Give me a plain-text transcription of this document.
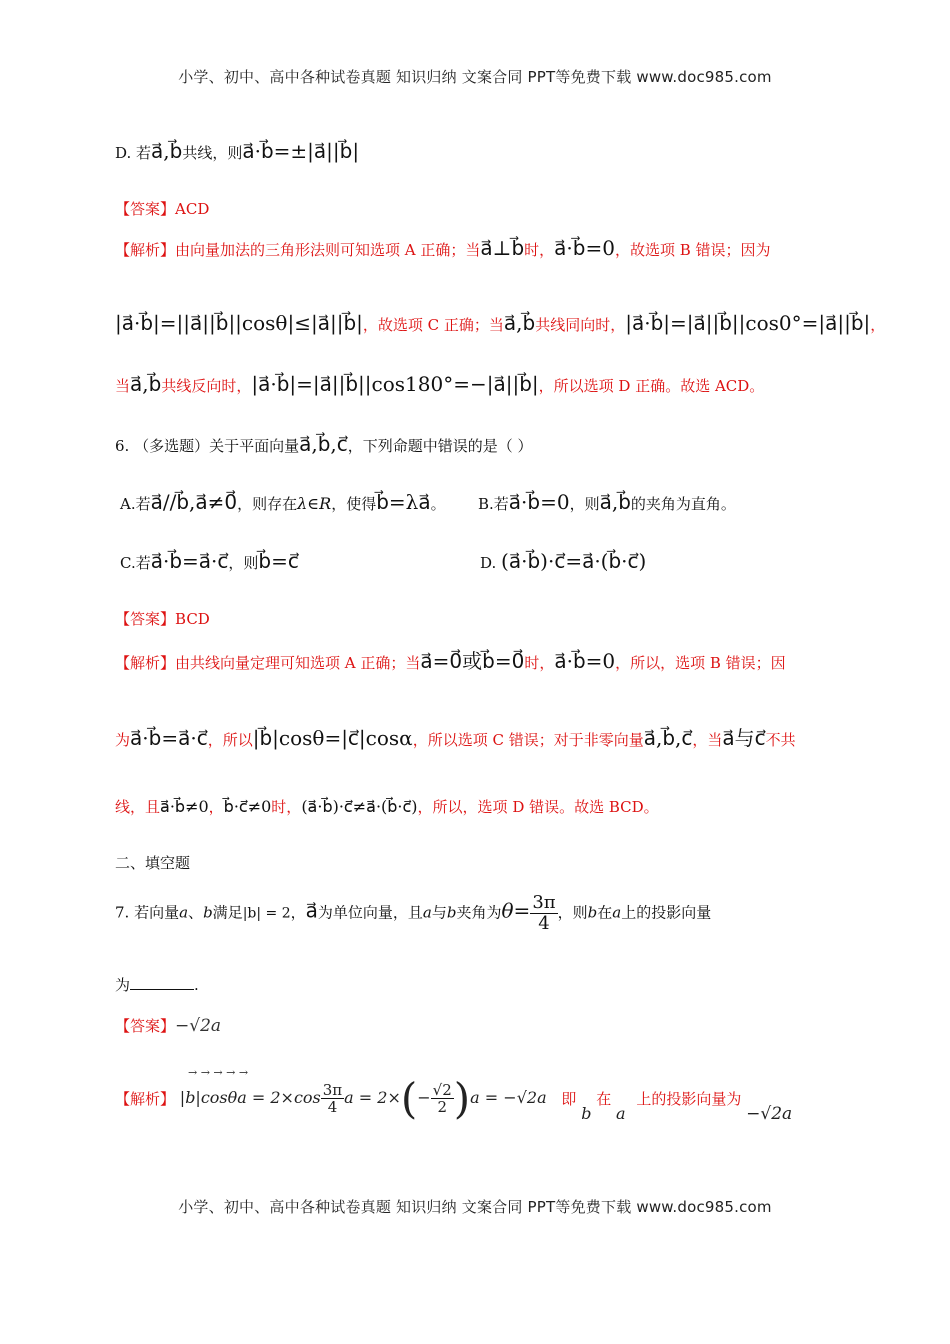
小学、初中、高中各种试卷真题 知识归纳 文案合同 PPT等免费下载 www.doc985.com
D. 若a⃗,b⃗共线，则a⃗·b⃗=±|a⃗||b⃗|
【答案】ACD
【解析】由向量加法的三角形法则可知选项 A 正确；当a⃗⊥b⃗时，a⃗·b⃗=0，故选项 B 错误；因为
|a⃗·b⃗|=||a⃗||b⃗||cosθ|≤|a⃗||b⃗|，故选项 C 正确；当a⃗,b⃗共线同向时，|a⃗·b⃗|=|a⃗||b⃗||cos0°=|a⃗||b⃗|，
当a⃗,b⃗共线反向时，|a⃗·b⃗|=|a⃗||b⃗||cos180°=−|a⃗||b⃗|，所以选项 D 正确。故选 ACD。
6. （多选题）关于平面向量a⃗,b⃗,c⃗，下列命题中错误的是（ ）
A.若a⃗//b⃗,a⃗≠0⃗，则存在λ∈R，使得b⃗=λa⃗。 B.若a⃗·b⃗=0，则a⃗,b⃗的夹角为直角。
C.若a⃗·b⃗=a⃗·c⃗，则b⃗=c⃗	D. (a⃗·b⃗)·c⃗=a⃗·(b⃗·c⃗)
【答案】BCD
【解析】由共线向量定理可知选项 A 正确；当a⃗=0⃗或b⃗=0⃗时，a⃗·b⃗=0，所以，选项 B 错误；因
为a⃗·b⃗=a⃗·c⃗，所以|b⃗|cosθ=|c⃗|cosα，所以选项 C 错误；对于非零向量a⃗,b⃗,c⃗，当a⃗与c⃗不共
线，且a⃗·b⃗≠0，b⃗·c⃗≠0时，(a⃗·b⃗)·c⃗≠a⃗·(b⃗·c⃗)，所以，选项 D 错误。故选 BCD。
二、填空题
7. 若向量a、b满足|b| = 2，a⃗为单位向量，且a与b夹角为$\theta= \frac{3\pi}{4}$ ，则b在a上的投影向量
为	.
【答案】−√2a
→ → → → →
【解析】 $|b|\cos\theta a = 2\times\cos \frac{3\pi}{4}$ $a = 2\times(- \frac{√2}{2} )a = -√2a$ 即 b 在 a 上的投影向量为 −√2a
小学、初中、高中各种试卷真题 知识归纳 文案合同 PPT等免费下载 www.doc985.com
